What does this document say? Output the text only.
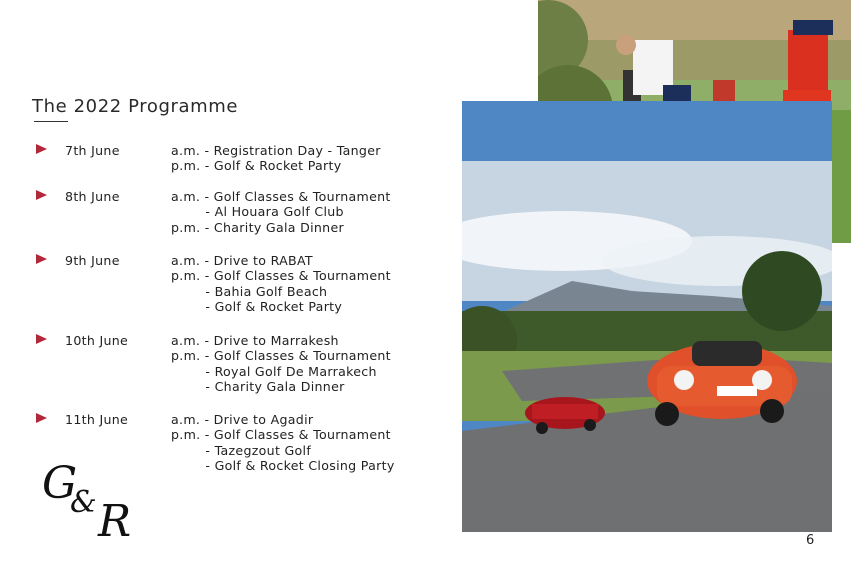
The 2022 Programme
7th June	a.m. - Registration Day - Tanger
p.m. - Golf & Rocket Party
8th June	a.m. - Golf Classes & Tournament
- Al Houara Golf Club
p.m. - Charity Gala Dinner
9th June	a.m. - Drive to RABAT
p.m. - Golf Classes & Tournament
- Bahia Golf Beach
- Golf & Rocket Party
10th June	a.m. - Drive to Marrakesh
p.m. - Golf Classes & Tournament
- Royal Golf De Marrakech
- Charity Gala Dinner
11th June	a.m. - Drive to Agadir
p.m. - Golf Classes & Tournament
- Tazegzout Golf
- Golf & Rocket Closing Party
G
& R	6
